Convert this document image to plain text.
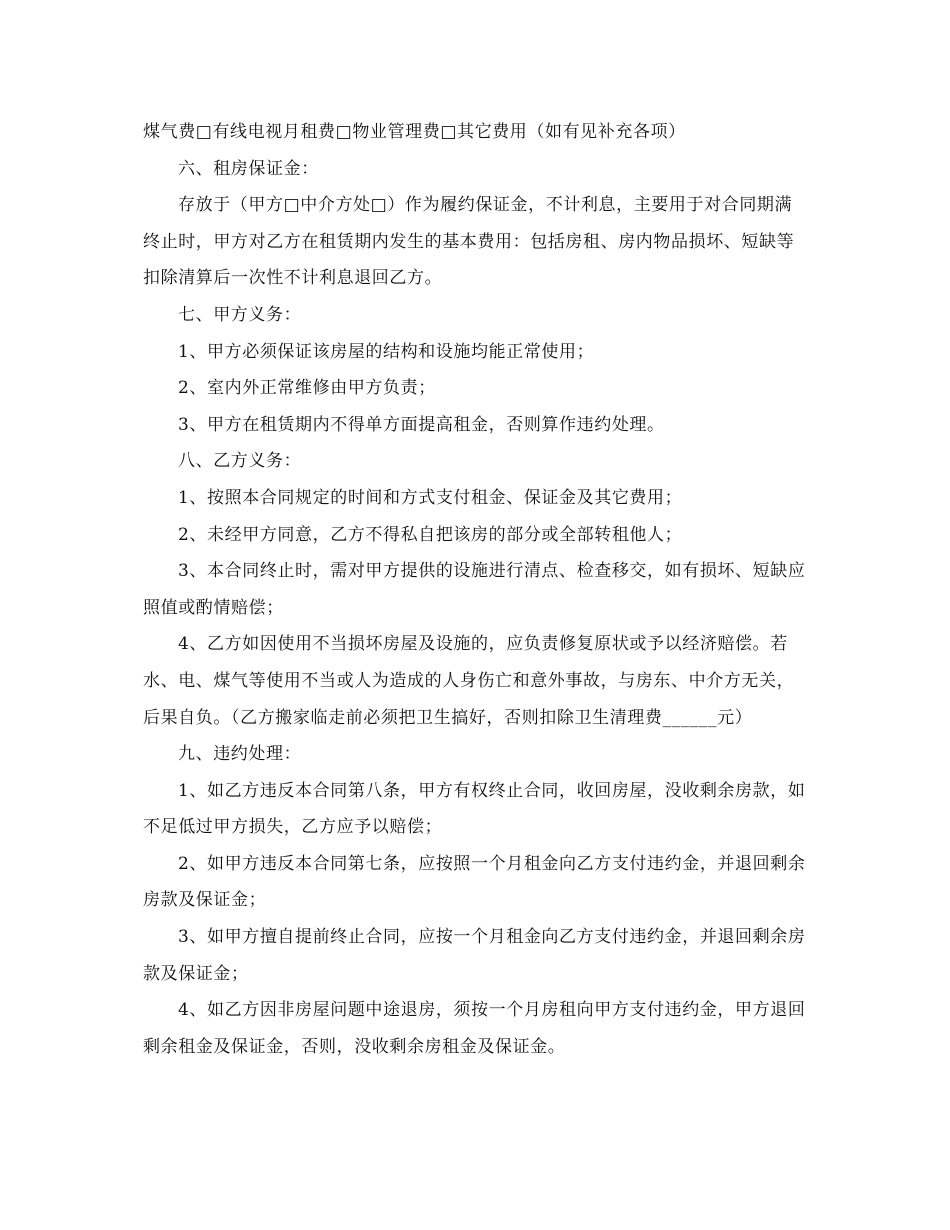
煤气费□有线电视月租费□物业管理费□其它费用（如有见补充各项）

六、租房保证金：

存放于（甲方□中介方处□）作为履约保证金，不计利息，主要用于对合同期满终止时，甲方对乙方在租赁期内发生的基本费用：包括房租、房内物品损坏、短缺等扣除清算后一次性不计利息退回乙方。

七、甲方义务：

1、甲方必须保证该房屋的结构和设施均能正常使用；

2、室内外正常维修由甲方负责；

3、甲方在租赁期内不得单方面提高租金，否则算作违约处理。

八、乙方义务：

1、按照本合同规定的时间和方式支付租金、保证金及其它费用；

2、未经甲方同意，乙方不得私自把该房的部分或全部转租他人；

3、本合同终止时，需对甲方提供的设施进行清点、检查移交，如有损坏、短缺应照值或酌情赔偿；

4、乙方如因使用不当损坏房屋及设施的，应负责修复原状或予以经济赔偿。若水、电、煤气等使用不当或人为造成的人身伤亡和意外事故，与房东、中介方无关，后果自负。（乙方搬家临走前必须把卫生搞好，否则扣除卫生清理费______元）

九、违约处理：

1、如乙方违反本合同第八条，甲方有权终止合同，收回房屋，没收剩余房款，如不足低过甲方损失，乙方应予以赔偿；

2、如甲方违反本合同第七条，应按照一个月租金向乙方支付违约金，并退回剩余房款及保证金；

3、如甲方擅自提前终止合同，应按一个月租金向乙方支付违约金，并退回剩余房款及保证金；

4、如乙方因非房屋问题中途退房，须按一个月房租向甲方支付违约金，甲方退回剩余租金及保证金，否则，没收剩余房租金及保证金。
